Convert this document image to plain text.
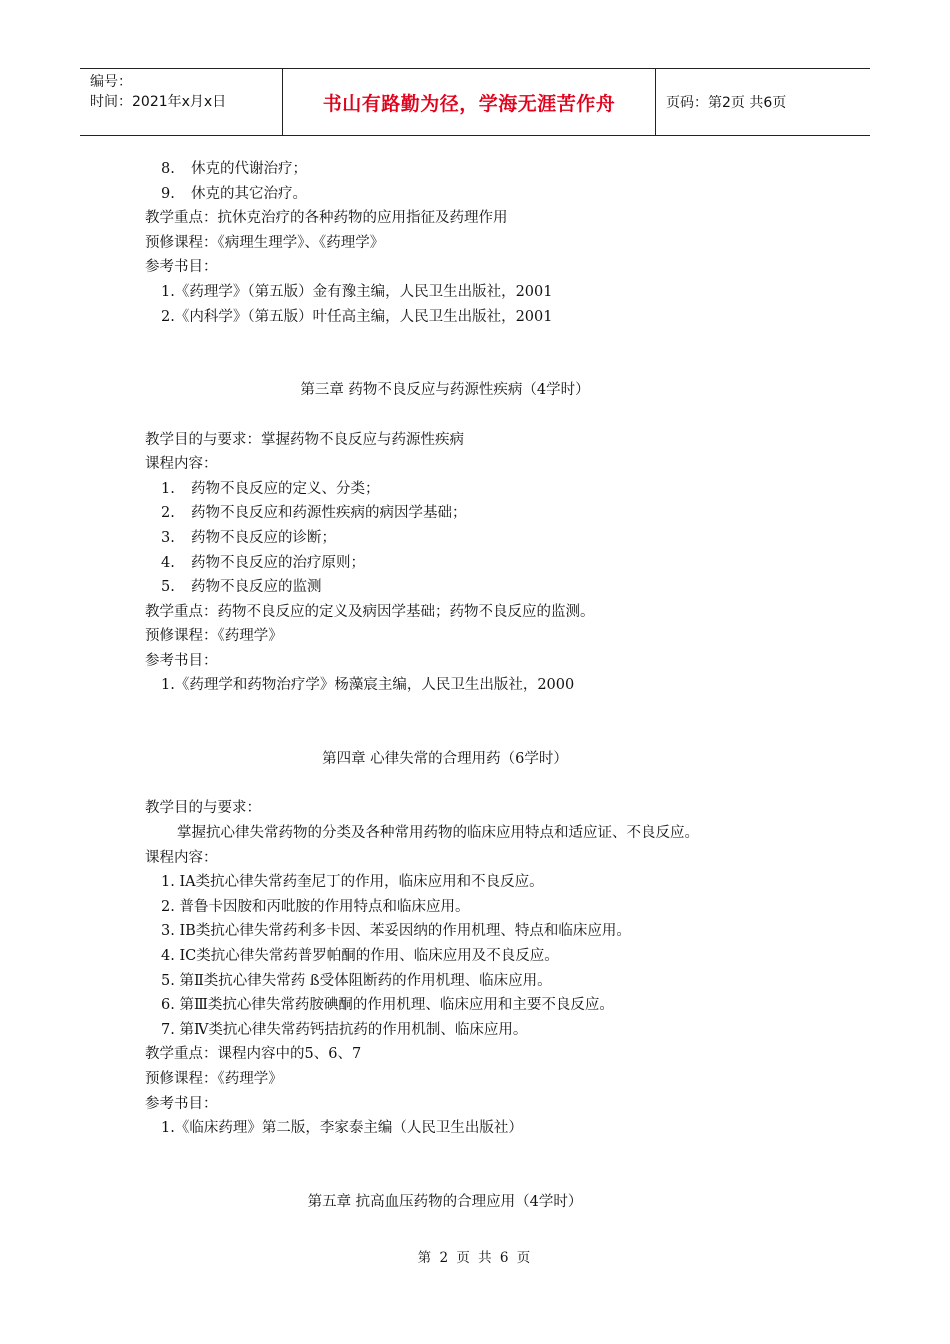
编号：
时间：2021年x月x日	书山有路勤为径，学海无涯苦作舟	页码：第2页 共6页
8. 休克的代谢治疗；
9. 休克的其它治疗。
教学重点：抗休克治疗的各种药物的应用指征及药理作用
预修课程：《病理生理学》、《药理学》
参考书目：
1.《药理学》（第五版）金有豫主编，人民卫生出版社，2001
2.《内科学》（第五版）叶任高主编，人民卫生出版社，2001
第三章 药物不良反应与药源性疾病（4学时）
教学目的与要求：掌握药物不良反应与药源性疾病
课程内容：
1. 药物不良反应的定义、分类；
2. 药物不良反应和药源性疾病的病因学基础；
3. 药物不良反应的诊断；
4. 药物不良反应的治疗原则；
5. 药物不良反应的监测
教学重点：药物不良反应的定义及病因学基础；药物不良反应的监测。
预修课程：《药理学》
参考书目：
1.《药理学和药物治疗学》杨藻宸主编，人民卫生出版社，2000
第四章 心律失常的合理用药（6学时）
教学目的与要求：
掌握抗心律失常药物的分类及各种常用药物的临床应用特点和适应证、不良反应。
课程内容：
1. IA类抗心律失常药奎尼丁的作用，临床应用和不良反应。
2. 普鲁卡因胺和丙吡胺的作用特点和临床应用。
3. IB类抗心律失常药利多卡因、苯妥因纳的作用机理、特点和临床应用。
4. IC类抗心律失常药普罗帕酮的作用、临床应用及不良反应。
5. 第Ⅱ类抗心律失常药 ß受体阻断药的作用机理、临床应用。
6. 第Ⅲ类抗心律失常药胺碘酮的作用机理、临床应用和主要不良反应。
7. 第Ⅳ类抗心律失常药钙拮抗药的作用机制、临床应用。
教学重点：课程内容中的5、6、7
预修课程：《药理学》
参考书目：
1.《临床药理》第二版，李家泰主编（人民卫生出版社）
第五章 抗高血压药物的合理应用（4学时）
第 2 页 共 6 页
